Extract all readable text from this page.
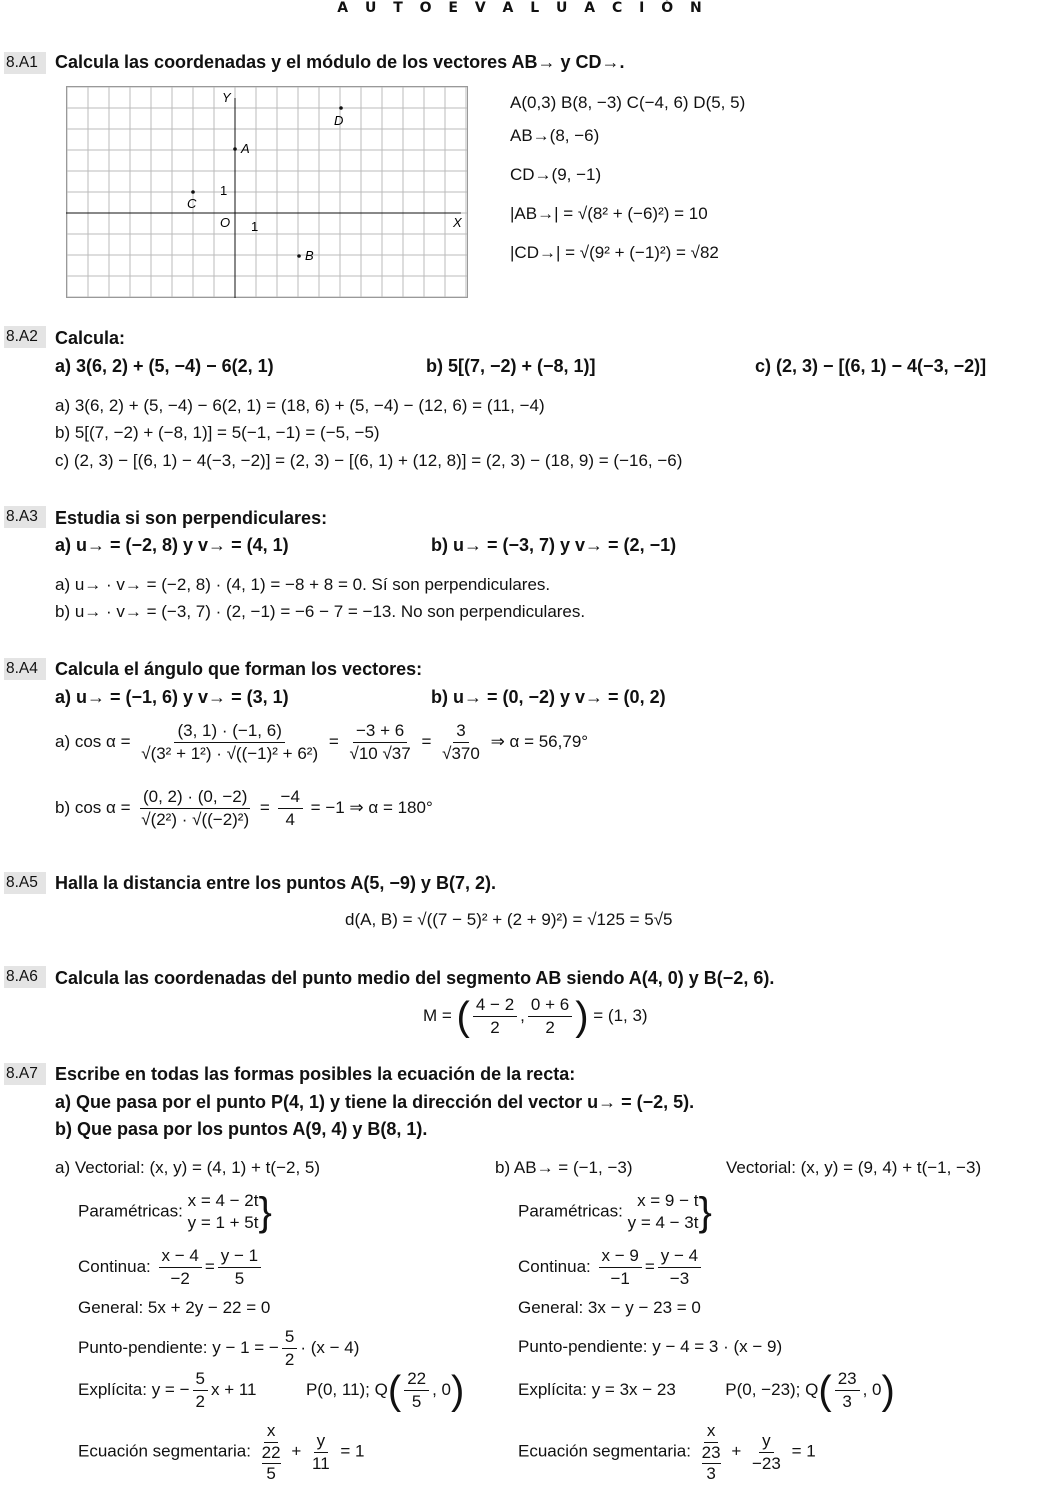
A U T O E V A L U A C I Ó N
8.A1 Calcula las coordenadas y el módulo de los vectores AB→ y CD→.
Y
X
O 1
1
A
B
C
D
A(0,3) B(8, −3) C(−4, 6) D(5, 5)
AB→(8, −6)
CD→(9, −1)
|AB→| = √(8² + (−6)²) = 10
|CD→| = √(9² + (−1)²) = √82
8.A2 Calcula:
a) 3(6, 2) + (5, −4) − 6(2, 1)	b) 5[(7, −2) + (−8, 1)]	c) (2, 3) − [(6, 1) − 4(−3, −2)]
a) 3(6, 2) + (5, −4) − 6(2, 1) = (18, 6) + (5, −4) − (12, 6) = (11, −4)
b) 5[(7, −2) + (−8, 1)] = 5(−1, −1) = (−5, −5)
c) (2, 3) − [(6, 1) − 4(−3, −2)] = (2, 3) − [(6, 1) + (12, 8)] = (2, 3) − (18, 9) = (−16, −6)
8.A3 Estudia si son perpendiculares:
a) u→ = (−2, 8) y v→ = (4, 1)	b) u→ = (−3, 7) y v→ = (2, −1)
a) u→ · v→ = (−2, 8) · (4, 1) = −8 + 8 = 0. Sí son perpendiculares.
b) u→ · v→ = (−3, 7) · (2, −1) = −6 − 7 = −13. No son perpendiculares.
8.A4 Calcula el ángulo que forman los vectores:
a) u→ = (−1, 6) y v→ = (3, 1)	b) u→ = (0, −2) y v→ = (0, 2)
a) $\cos \alpha = \frac{(3, 1) \cdot (-1, 6)}{\text{√(3² + 1²) · √((−1)² + 6²)}} = \frac{-3 + 6}{√10 √37} = \frac{3}{√370}$ ⇒ α = 56,79°
b) $\cos \alpha = \frac{(0, 2) \cdot (0, -2)}{\text{√(2²) · √((−2)²)}} = \frac{-4}{4} = -1$ ⇒ α = 180°
8.A5 Halla la distancia entre los puntos A(5, −9) y B(7, 2).
d(A, B) = √((7 − 5)² + (2 + 9)²) = √125 = 5√5
8.A6 Calcula las coordenadas del punto medio del segmento AB siendo A(4, 0) y B(−2, 6).
M = ( $\frac{4 - 2}{2}$ , $\frac{0 + 6}{2}$ ) = (1, 3)
8.A7 Escribe en todas las formas posibles la ecuación de la recta:
a) Que pasa por el punto P(4, 1) y tiene la dirección del vector u→ = (−2, 5).
b) Que pasa por los puntos A(9, 4) y B(8, 1).
a) Vectorial: (x, y) = (4, 1) + t(−2, 5)
Paramétricas:
x = 4 − 2t
y = 1 + 5t }
Continua: $\frac{x - 4}{-2} = \frac{y - 1}{5}$
General: 5x + 2y − 22 = 0
Punto-pendiente: y − 1 = − $\frac{5}{2} \cdot (x - 4)$
Explícita: y = − $\frac{5}{2}$ x + 11	P(0, 11); $Q( \frac{22}{5}$ , 0)
Ecuación segmentaria: x
22
$5 + \frac{y}{11} = 1$
b) AB→ = (−1, −3)	Vectorial: (x, y) = (9, 4) + t(−1, −3)
Paramétricas:
x = 9 − t
y = 4 − 3t }
Continua: $\frac{x - 9}{-1} = \frac{y - 4}{-3}$
General: 3x − y − 23 = 0
Punto-pendiente: y − 4 = 3 · (x − 9)
Explícita: y = 3x − 23	P(0, −23); $Q( \frac{23}{3}$ , 0)
Ecuación segmentaria: x
23
$3 + \frac{y}{-23} = 1$
